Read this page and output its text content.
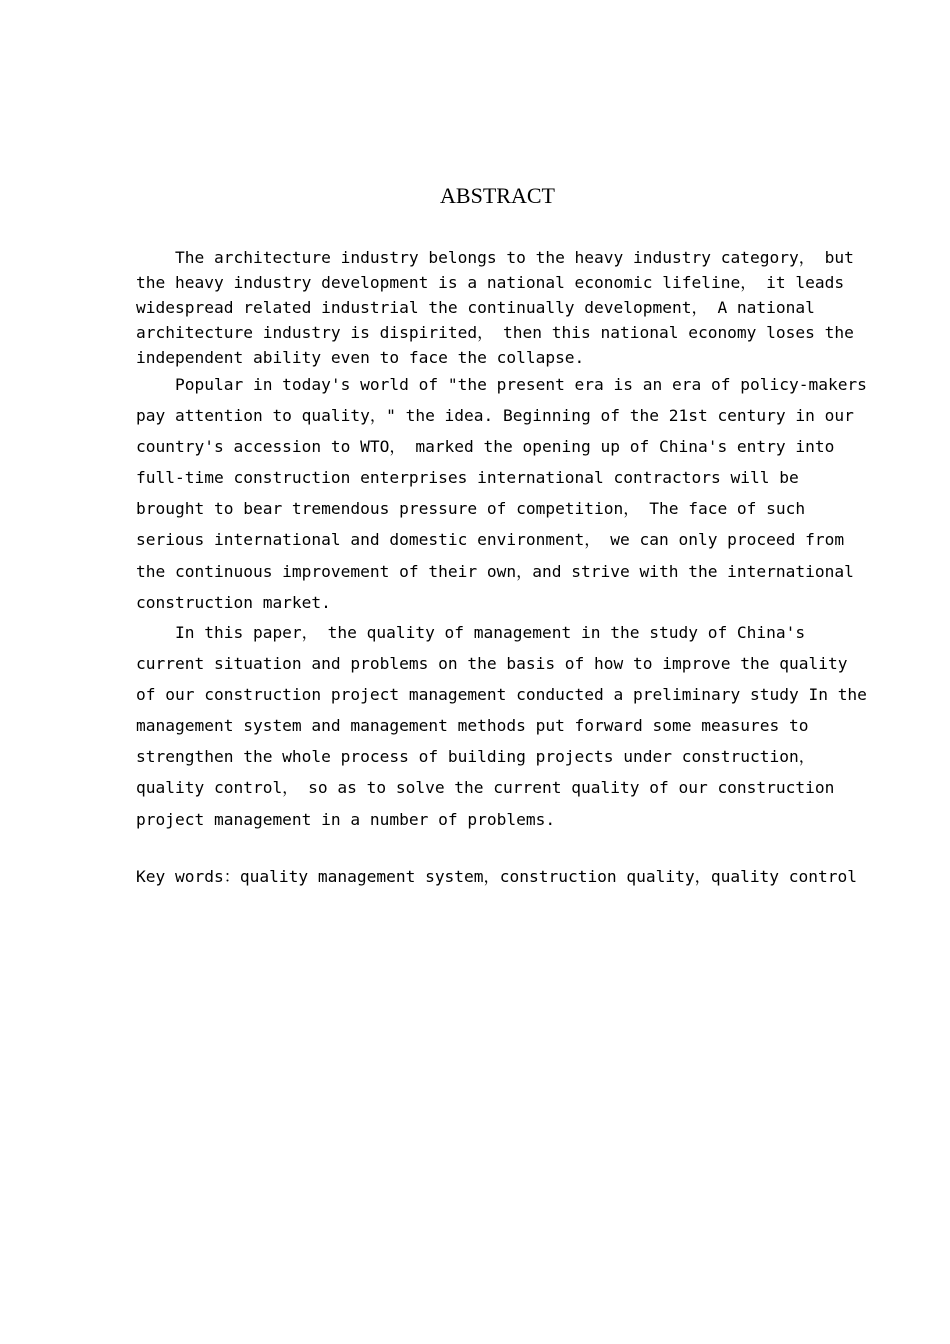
ABSTRACT

The architecture industry belongs to the heavy industry category， but
the heavy industry development is a national economic lifeline， it leads
widespread related industrial the continually development， A national
architecture industry is dispirited， then this national economy loses the
independent ability even to face the collapse.

Popular in today's world of "the present era is an era of policy-makers
pay attention to quality，" the idea. Beginning of the 21st century in our
country's accession to WTO， marked the opening up of China's entry into
full-time construction enterprises international contractors will be
brought to bear tremendous pressure of competition， The face of such
serious international and domestic environment， we can only proceed from
the continuous improvement of their own，and strive with the international
construction market.

In this paper， the quality of management in the study of China's
current situation and problems on the basis of how to improve the quality
of our construction project management conducted a preliminary study In the
management system and management methods put forward some measures to
strengthen the whole process of building projects under construction，
quality control， so as to solve the current quality of our construction
project management in a number of problems.

Key words：quality management system，construction quality，quality control
